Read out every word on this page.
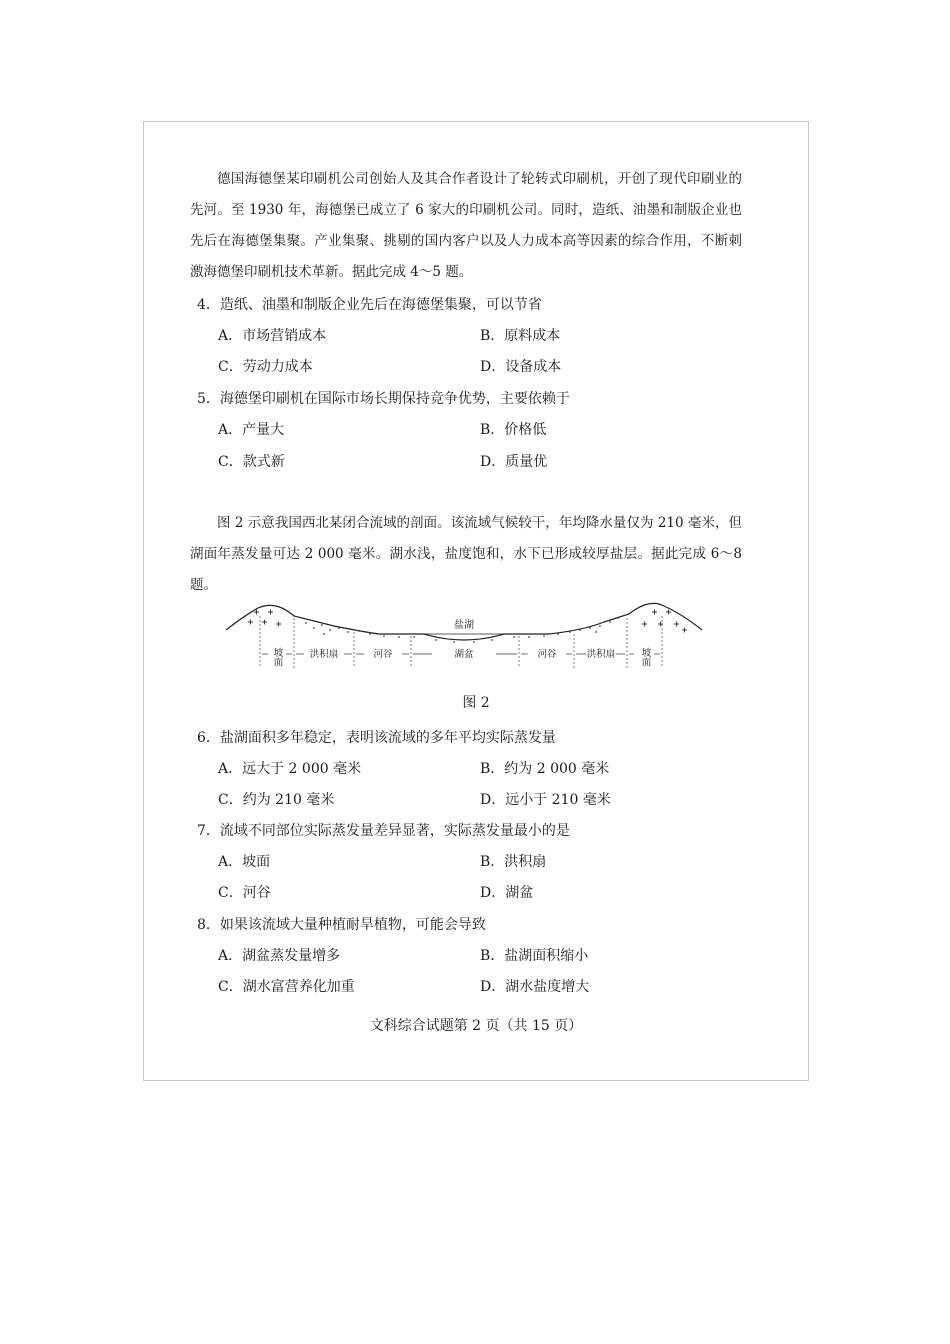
德国海德堡某印刷机公司创始人及其合作者设计了轮转式印刷机，开创了现代印刷业的先河。至 1930 年，海德堡已成立了 6 家大的印刷机公司。同时，造纸、油墨和制版企业也先后在海德堡集聚。产业集聚、挑剔的国内客户以及人力成本高等因素的综合作用，不断刺激海德堡印刷机技术革新。据此完成 4～5 题。

4．造纸、油墨和制版企业先后在海德堡集聚，可以节省
A．市场营销成本	B．原料成本
C．劳动力成本	D．设备成本
5．海德堡印刷机在国际市场长期保持竞争优势，主要依赖于
A．产量大	B．价格低
C．款式新	D．质量优

图 2 示意我国西北某闭合流域的剖面。该流域气候较干，年均降水量仅为 210 毫米，但湖面年蒸发量可达 2 000 毫米。湖水浅，盐度饱和，水下已形成较厚盐层。据此完成 6～8 题。

盐湖
坡面	洪积扇	河谷	湖盆	河谷	洪积扇	坡面
图 2
6．盐湖面积多年稳定，表明该流域的多年平均实际蒸发量
A．远大于 2 000 毫米	B．约为 2 000 毫米
C．约为 210 毫米	D．远小于 210 毫米
7．流域不同部位实际蒸发量差异显著，实际蒸发量最小的是
A．坡面	B．洪积扇
C．河谷	D．湖盆
8．如果该流域大量种植耐旱植物，可能会导致
A．湖盆蒸发量增多	B．盐湖面积缩小
C．湖水富营养化加重	D．湖水盐度增大
文科综合试题第 2 页（共 15 页）
